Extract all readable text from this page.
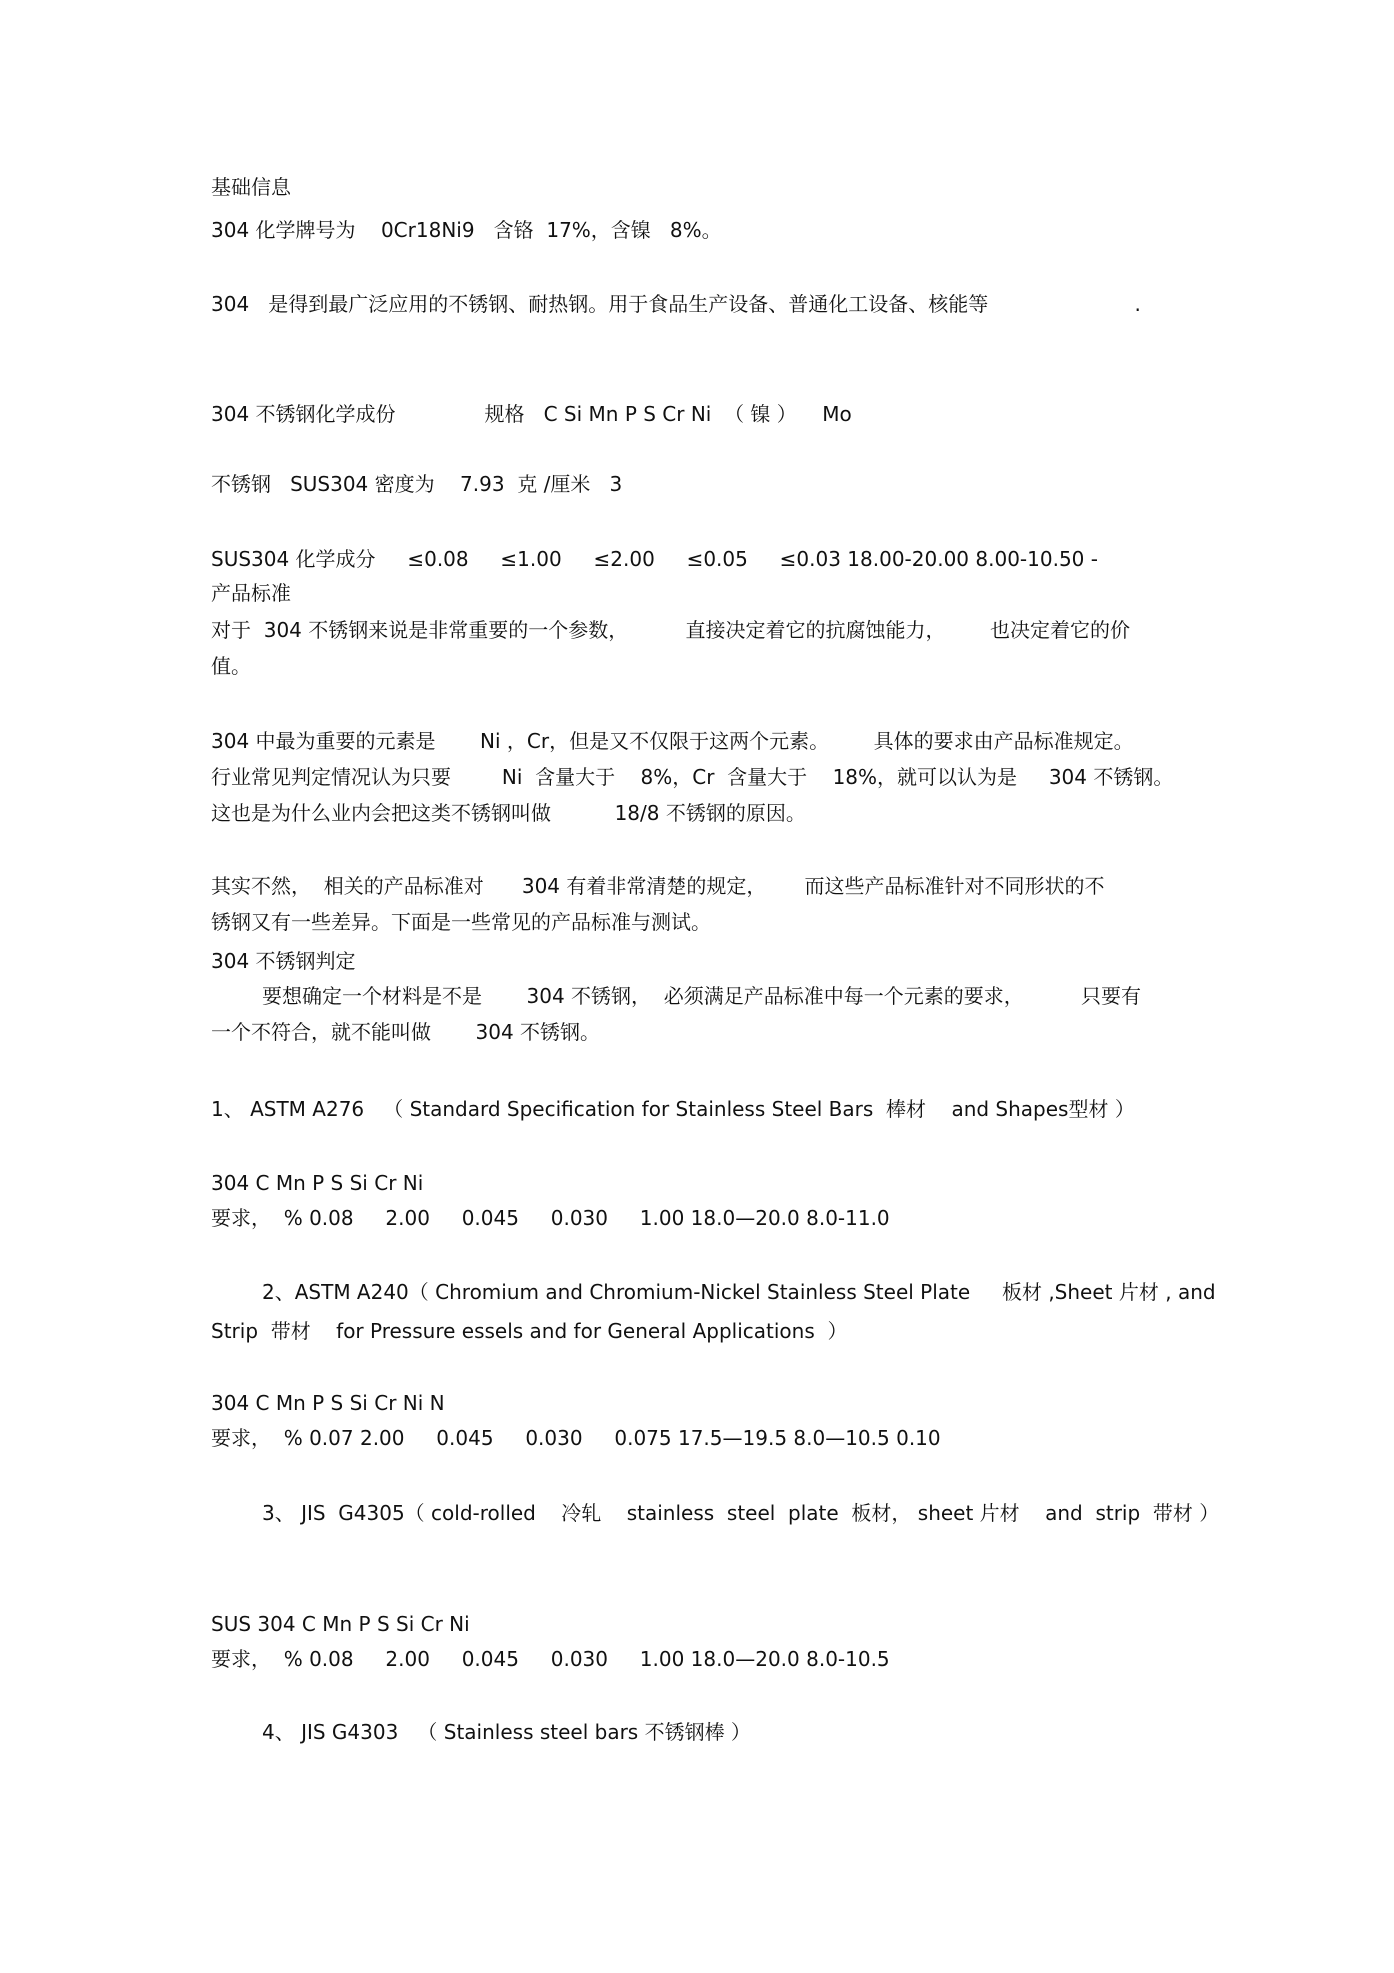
基础信息
304 化学牌号为    0Cr18Ni9   含铬  17%，含镍   8%。
304   是得到最广泛应用的不锈钢、耐热钢。用于食品生产设备、普通化工设备、核能等                       .
304 不锈钢化学成份              规格   C Si Mn P S Cr Ni  （ 镍 ）    Mo
不锈钢   SUS304 密度为    7.93  克 /厘米   3
SUS304 化学成分     ≤0.08     ≤1.00     ≤2.00     ≤0.05     ≤0.03 18.00-20.00 8.00-10.50 -
产品标准
对于  304 不锈钢来说是非常重要的一个参数，         直接决定着它的抗腐蚀能力，       也决定着它的价
值。
304 中最为重要的元素是       Ni ，Cr，但是又不仅限于这两个元素。       具体的要求由产品标准规定。
行业常见判定情况认为只要        Ni  含量大于    8%，Cr  含量大于    18%，就可以认为是     304 不锈钢。
这也是为什么业内会把这类不锈钢叫做          18/8 不锈钢的原因。
其实不然，  相关的产品标准对      304 有着非常清楚的规定，      而这些产品标准针对不同形状的不
锈钢又有一些差异。下面是一些常见的产品标准与测试。
304 不锈钢判定
要想确定一个材料是不是       304 不锈钢，  必须满足产品标准中每一个元素的要求，         只要有
一个不符合，就不能叫做       304 不锈钢。
1、 ASTM A276   （ Standard Specification for Stainless Steel Bars  棒材    and Shapes型材 ）
304 C Mn P S Si Cr Ni
要求，  % 0.08     2.00     0.045     0.030     1.00 18.0—20.0 8.0-11.0
2、ASTM A240（ Chromium and Chromium-Nickel Stainless Steel Plate     板材 ,Sheet 片材 , and
Strip  带材    for Pressure essels and for General Applications  ）
304 C Mn P S Si Cr Ni N
要求，  % 0.07 2.00     0.045     0.030     0.075 17.5—19.5 8.0—10.5 0.10
3、 JIS  G4305（ cold-rolled    冷轧    stainless  steel  plate  板材， sheet 片材    and  strip  带材 ）
SUS 304 C Mn P S Si Cr Ni
要求，  % 0.08     2.00     0.045     0.030     1.00 18.0—20.0 8.0-10.5
4、 JIS G4303   （ Stainless steel bars 不锈钢棒 ）
